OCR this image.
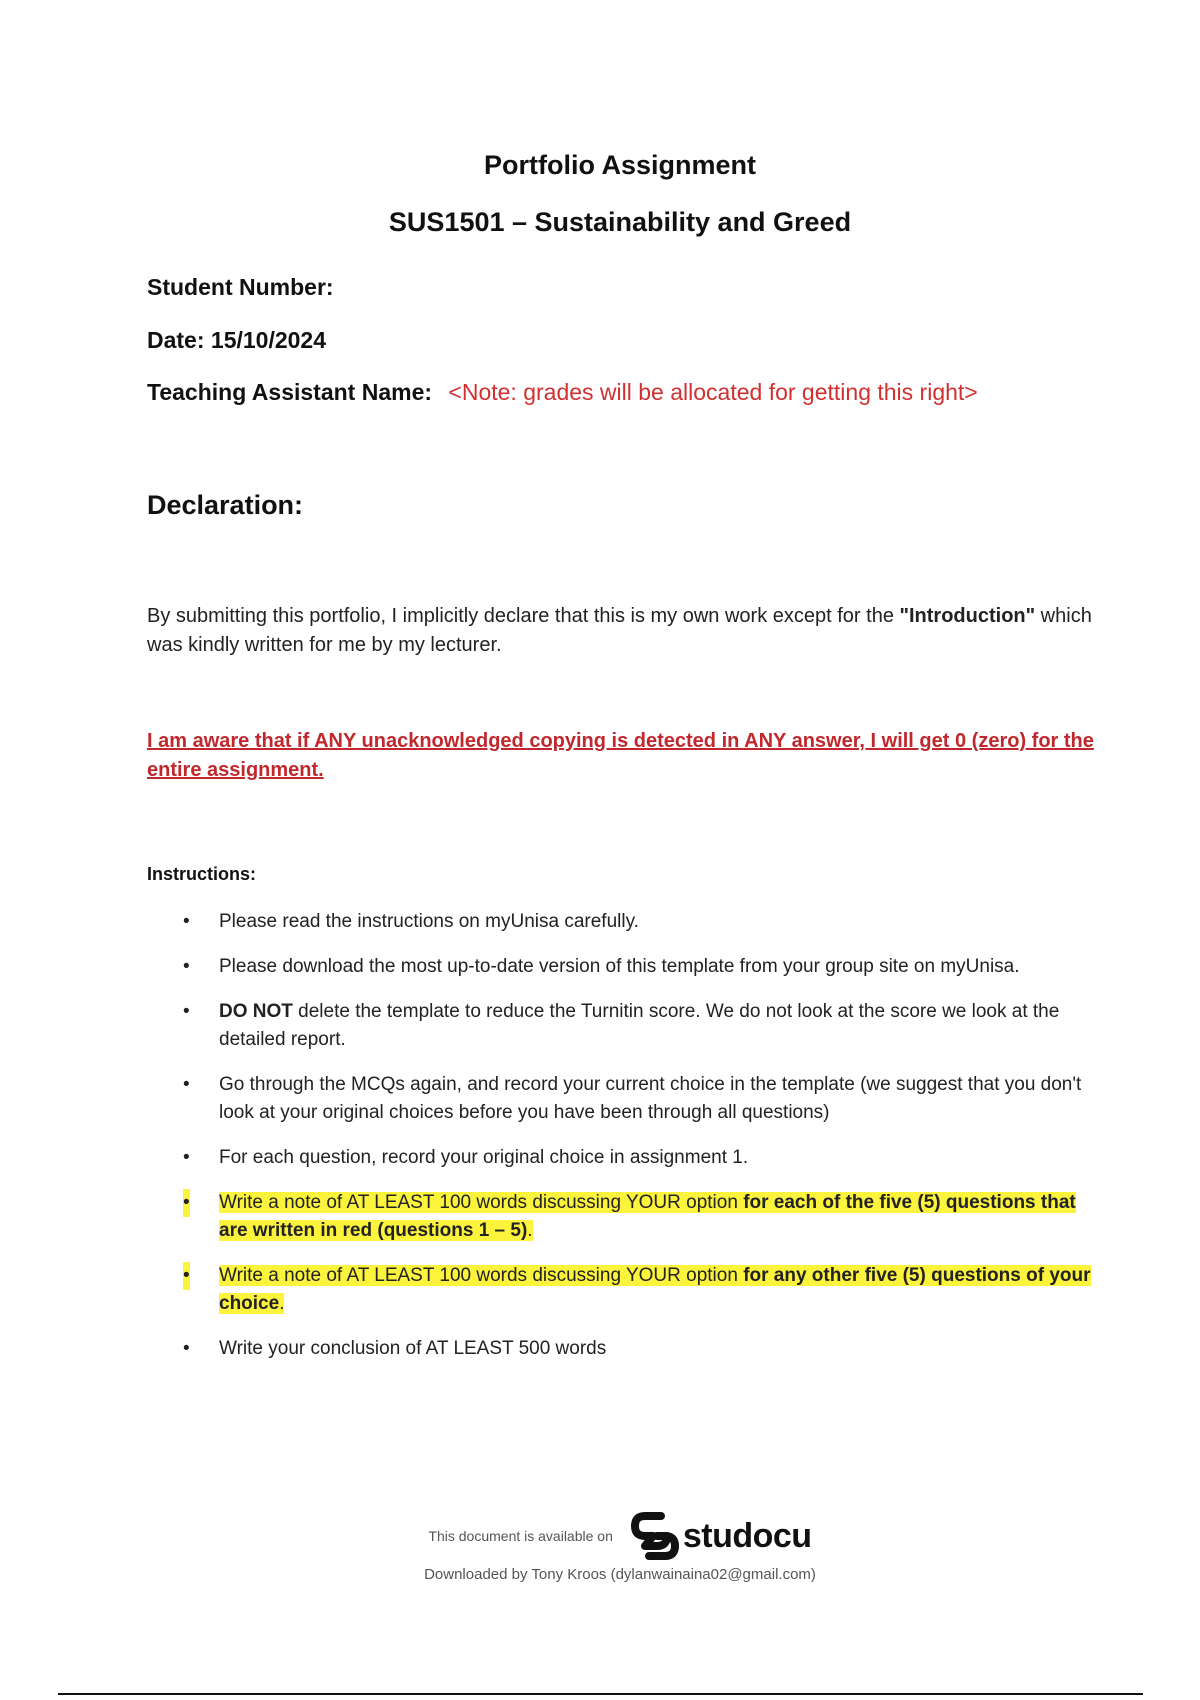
Portfolio Assignment
SUS1501 – Sustainability and Greed
Student Number:
Date: 15/10/2024
Teaching Assistant Name: <Note: grades will be allocated for getting this right>
Declaration:
By submitting this portfolio, I implicitly declare that this is my own work except for the "Introduction" which was kindly written for me by my lecturer.
I am aware that if ANY unacknowledged copying is detected in ANY answer, I will get 0 (zero) for the entire assignment.
Instructions:
• Please read the instructions on myUnisa carefully.
• Please download the most up-to-date version of this template from your group site on myUnisa.
• DO NOT delete the template to reduce the Turnitin score. We do not look at the score we look at the detailed report.
• Go through the MCQs again, and record your current choice in the template (we suggest that you don't look at your original choices before you have been through all questions)
• For each question, record your original choice in assignment 1.
• Write a note of AT LEAST 100 words discussing YOUR option for each of the five (5) questions that are written in red (questions 1 – 5).
• Write a note of AT LEAST 100 words discussing YOUR option for any other five (5) questions of your choice.
• Write your conclusion of AT LEAST 500 words
This document is available on studocu
Downloaded by Tony Kroos (dylanwainaina02@gmail.com)
